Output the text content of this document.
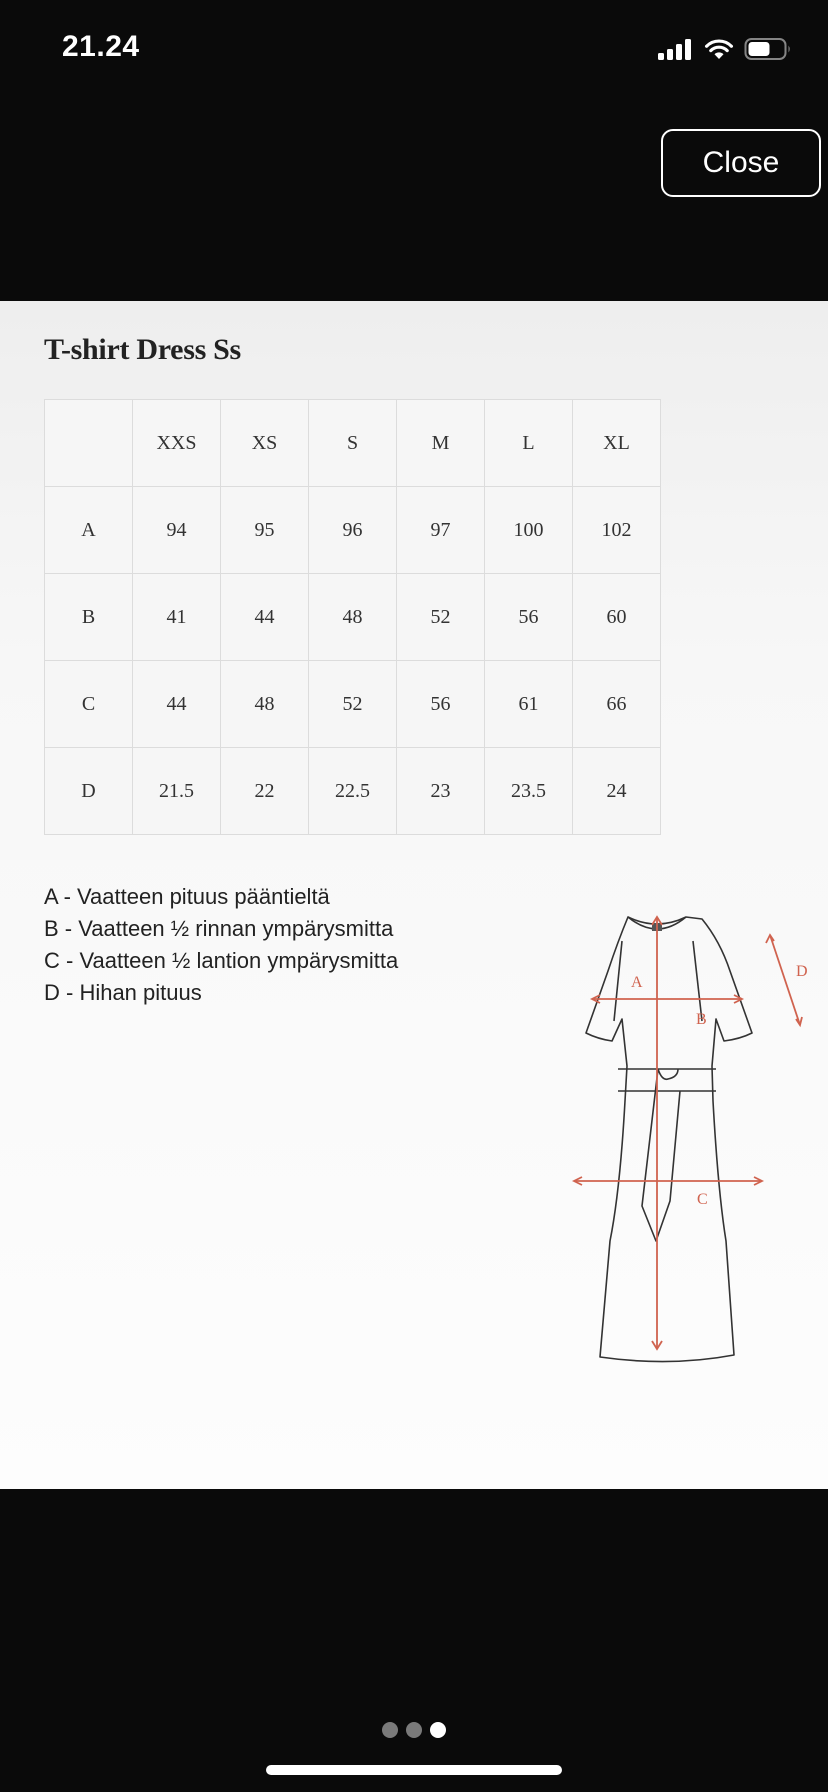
21.24
Close
T-shirt Dress Ss
	XXS	XS	S	M	L	XL
A	94	95	96	97	100	102
B	41	44	48	52	56	60
C	44	48	52	56	61	66
D	21.5	22	22.5	23	23.5	24
A - Vaatteen pituus pääntieltä
B - Vaatteen ½ rinnan ympärysmitta
C - Vaatteen ½ lantion ympärysmitta
D - Hihan pituus	A
B
C
D
